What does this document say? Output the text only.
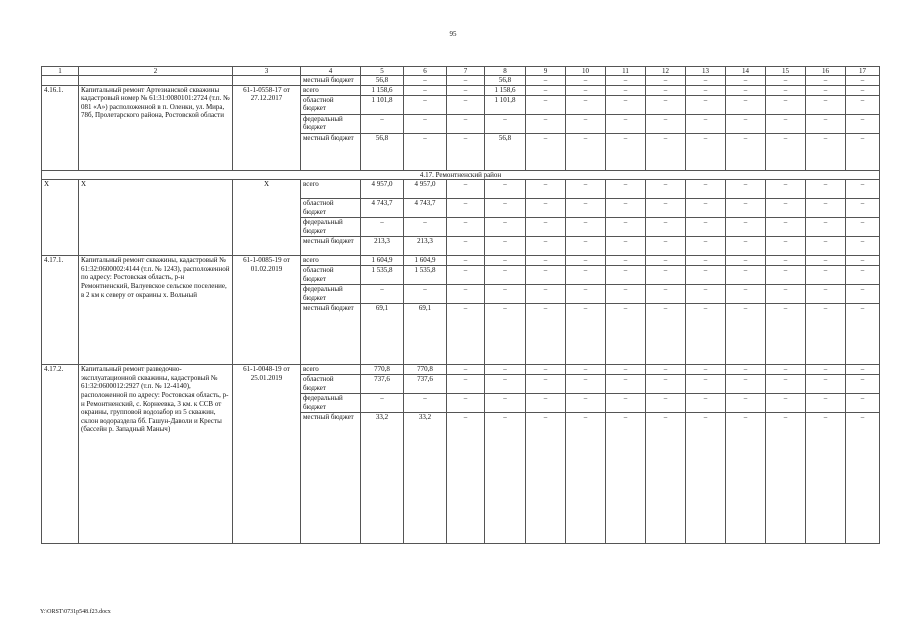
95
1	2	3	4	5	6	7	8	9	10	11	12	13	14	15	16	17
			местный бюджет	56,8	–	–	56,8	–	–	–	–	–	–	–	–	–
4.16.1.	Капитальный ремонт Артезианской скважины кадастровый номер № 61:31:0080101:2724 (т.п. № 081 «А») расположенной в п. Оленки, ул. Мира, 78б, Пролетарского района, Ростовской области	61-1-0558-17 от 27.12.2017	всего	1 158,6	–	–	1 158,6	–	–	–	–	–	–	–	–	–
			областной бюджет	1 101,8	–	–	1 101,8	–	–	–	–	–	–	–	–	–
			федеральный бюджет	–	–	–	–	–	–	–	–	–	–	–	–	–
			местный бюджет	56,8	–	–	56,8	–	–	–	–	–	–	–	–	–
4.17. Ремонтненский район																
Х	Х	Х	всего	4 957,0	4 957,0	–	–	–	–	–	–	–	–	–	–	–
			областной бюджет	4 743,7	4 743,7	–	–	–	–	–	–	–	–	–	–	–
			федеральный бюджет	–	–	–	–	–	–	–	–	–	–	–	–	–
			местный бюджет	213,3	213,3	–	–	–	–	–	–	–	–	–	–	–
4.17.1.	Капитальный ремонт скважины, кадастровый № 61:32:0600002:4144 (т.п. № 1243), расположенной по адресу: Ростовская область, р-н Ремонтненский, Валуевское сельское поселение, в 2 км к северу от окраины х. Вольный	61-1-0085-19 от 01.02.2019	всего	1 604,9	1 604,9	–	–	–	–	–	–	–	–	–	–	–
			областной бюджет	1 535,8	1 535,8	–	–	–	–	–	–	–	–	–	–	–
			федеральный бюджет	–	–	–	–	–	–	–	–	–	–	–	–	–
			местный бюджет	69,1	69,1	–	–	–	–	–	–	–	–	–	–	–
4.17.2.	Капитальный ремонт разведочно-эксплуатационной скважины, кадастровый № 61:32:0600012:2927 (т.п. № 12-4140), расположенной по адресу: Ростовская область, р-н Ремонтненский, с. Корнеевка, 3 км. к ССВ от окраины, групповой водозабор из 5 скважин, склон водораздела бб. Гашун-Даволи и Кресты (бассейн р. Западный Маныч)	61-1-0048-19 от 25.01.2019	всего	770,8	770,8	–	–	–	–	–	–	–	–	–	–	–
			областной бюджет	737,6	737,6	–	–	–	–	–	–	–	–	–	–	–
			федеральный бюджет	–	–	–	–	–	–	–	–	–	–	–	–	–
			местный бюджет	33,2	33,2	–	–	–	–	–	–	–	–	–	–	–
Y:\ORST\0731p548.f23.docx
